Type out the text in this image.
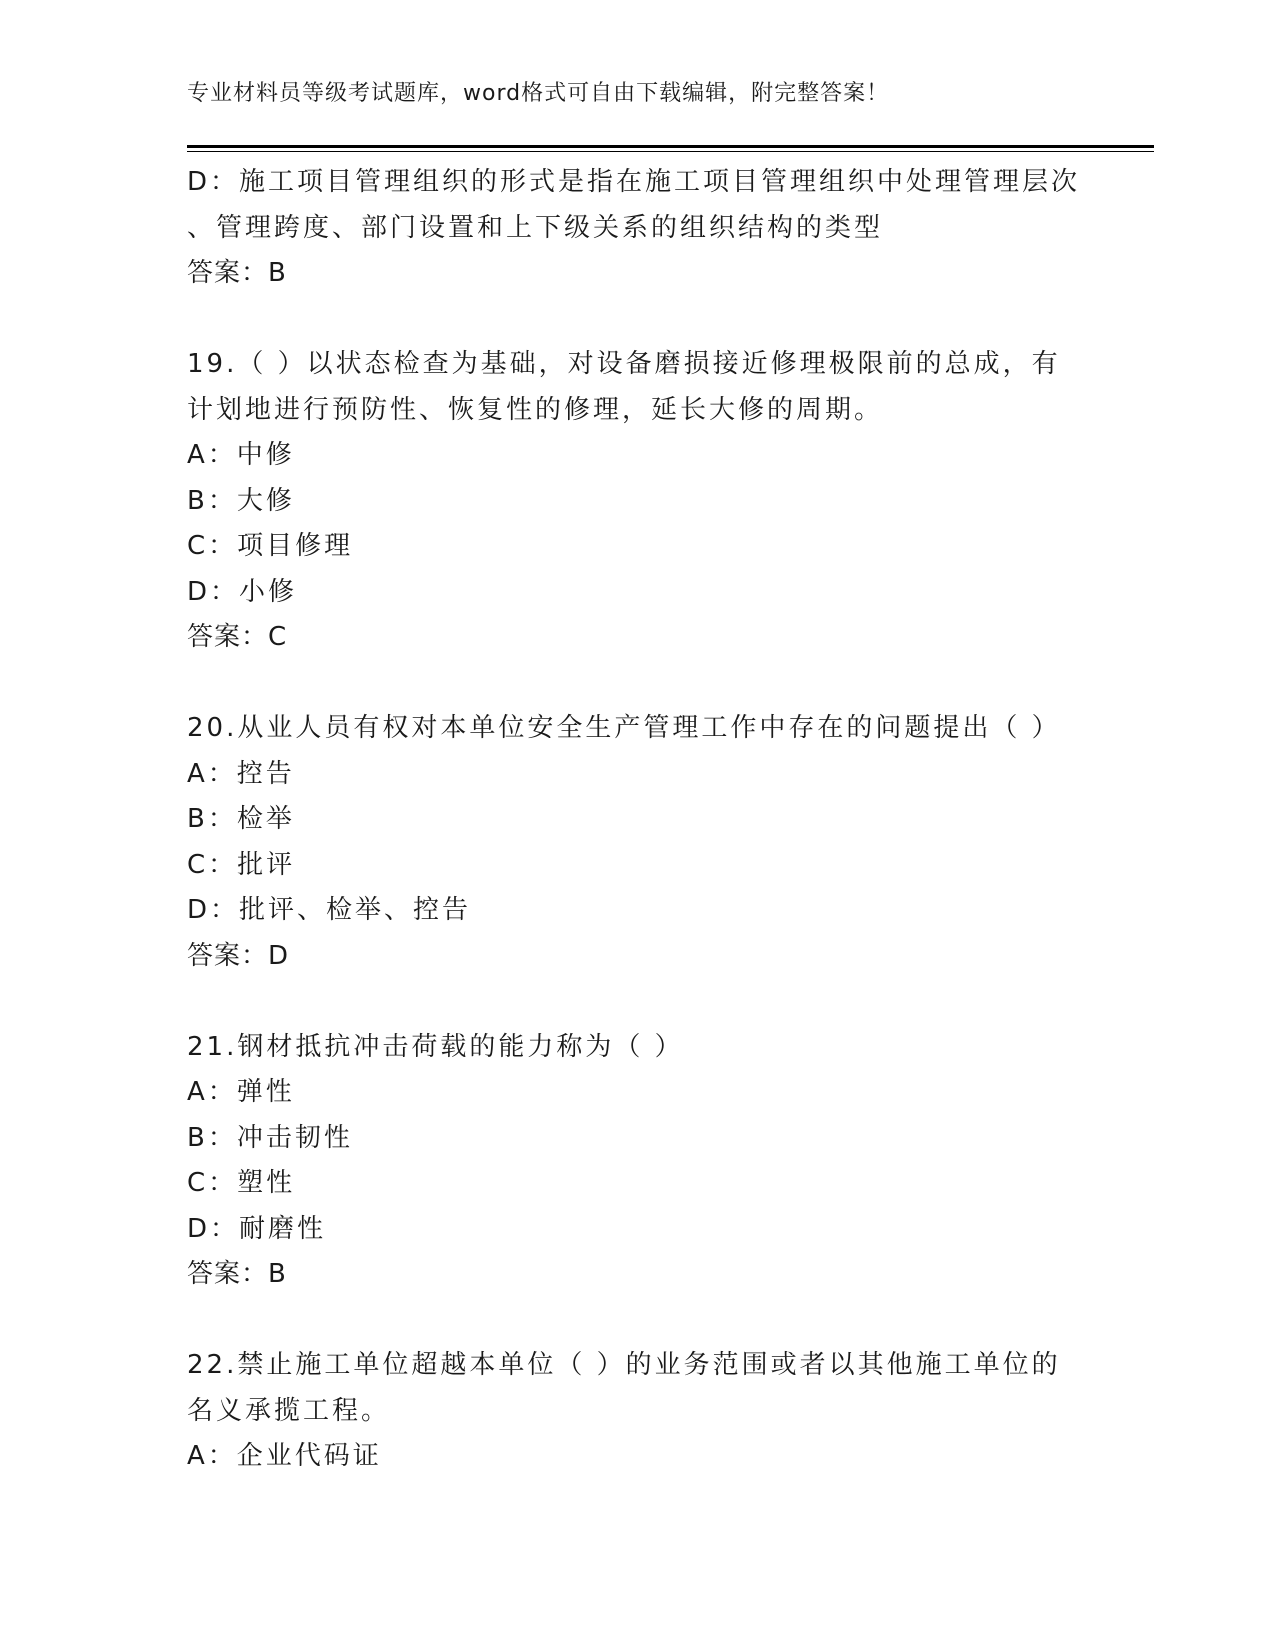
专业材料员等级考试题库，word格式可自由下载编辑，附完整答案！
D：施工项目管理组织的形式是指在施工项目管理组织中处理管理层次
、管理跨度、部门设置和上下级关系的组织结构的类型
答案：B
19.（ ）以状态检查为基础，对设备磨损接近修理极限前的总成，有
计划地进行预防性、恢复性的修理，延长大修的周期。
A：中修
B：大修
C：项目修理
D：小修
答案：C
20.从业人员有权对本单位安全生产管理工作中存在的问题提出（ ）
A：控告
B：检举
C：批评
D：批评、检举、控告
答案：D
21.钢材抵抗冲击荷载的能力称为（ ）
A：弹性
B：冲击韧性
C：塑性
D：耐磨性
答案：B
22.禁止施工单位超越本单位（ ）的业务范围或者以其他施工单位的
名义承揽工程。
A：企业代码证
